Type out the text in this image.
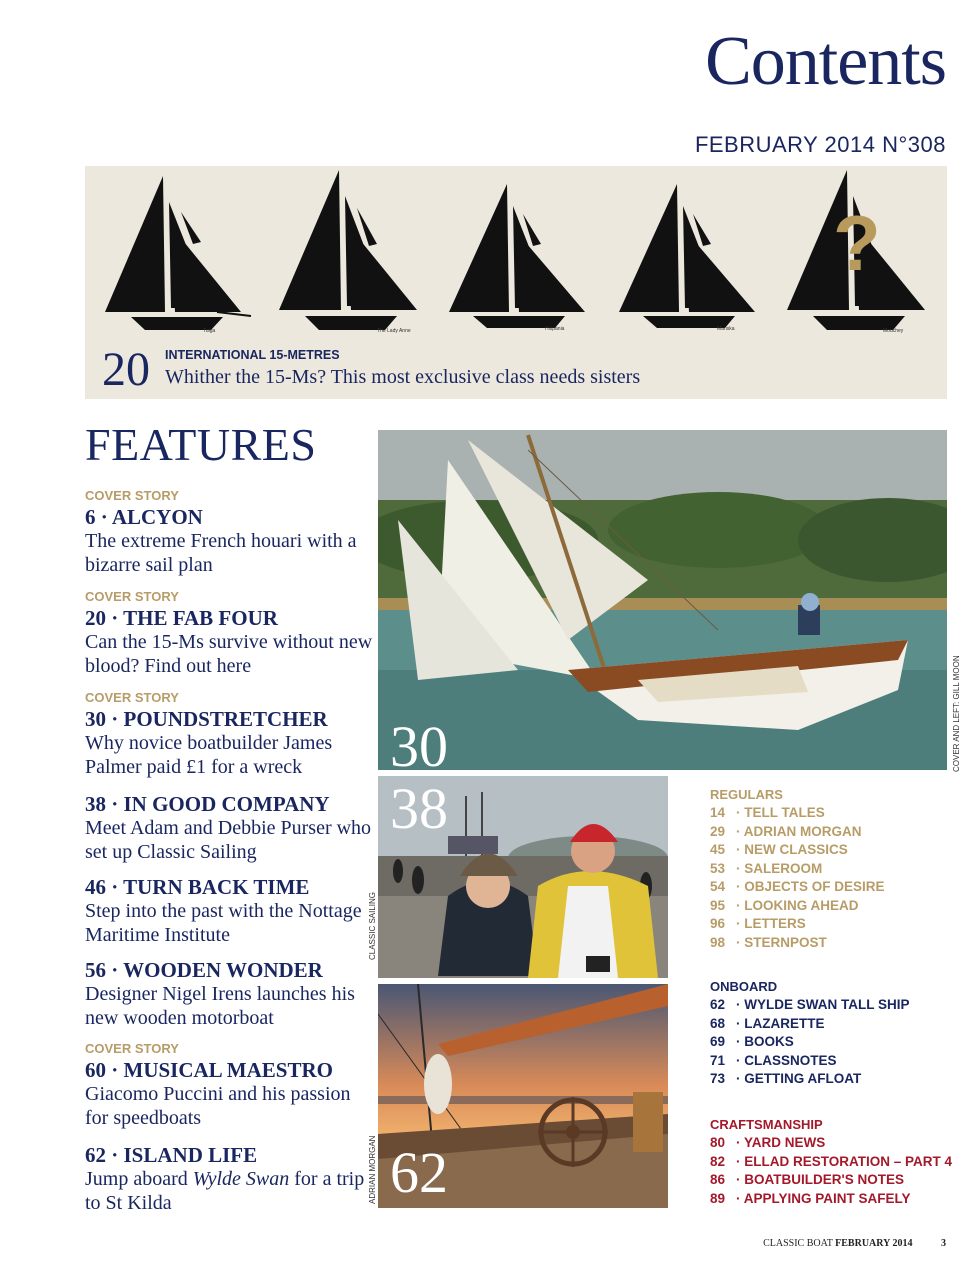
Contents
FEBRUARY 2014 N°308
Tuiga	The Lady Anne	Hispania	Mariska
?
Mouchey
20 INTERNATIONAL 15-METRES
Whither the 15-Ms? This most exclusive class needs sisters
FEATURES
COVER STORY
6 · ALCYON
The extreme French houari with a bizarre sail plan
COVER STORY
20 · THE FAB FOUR
Can the 15-Ms survive without new blood? Find out here
COVER STORY
30 · POUNDSTRETCHER
Why novice boatbuilder James Palmer paid £1 for a wreck
38 · IN GOOD COMPANY
Meet Adam and Debbie Purser who set up Classic Sailing
46 · TURN BACK TIME
Step into the past with the Nottage Maritime Institute
56 · WOODEN WONDER
Designer Nigel Irens launches his new wooden motorboat
COVER STORY
60 · MUSICAL MAESTRO
Giacomo Puccini and his passion for speedboats
62 · ISLAND LIFE
Jump aboard Wylde Swan for a trip to St Kilda
30	COVER AND LEFT: GILL MOON
38
CLASSIC SAILING
62
ADRIAN MORGAN
REGULARS
14 · TELL TALES
29 · ADRIAN MORGAN
45 · NEW CLASSICS
53 · SALEROOM
54 · OBJECTS OF DESIRE
95 · LOOKING AHEAD
96 · LETTERS
98 · STERNPOST
ONBOARD
62 · WYLDE SWAN TALL SHIP
68 · LAZARETTE
69 · BOOKS
71 · CLASSNOTES
73 · GETTING AFLOAT
CRAFTSMANSHIP
80 · YARD NEWS
82 · ELLAD RESTORATION – PART 4
86 · BOATBUILDER'S NOTES
89 · APPLYING PAINT SAFELY
CLASSIC BOAT FEBRUARY 2014	3
